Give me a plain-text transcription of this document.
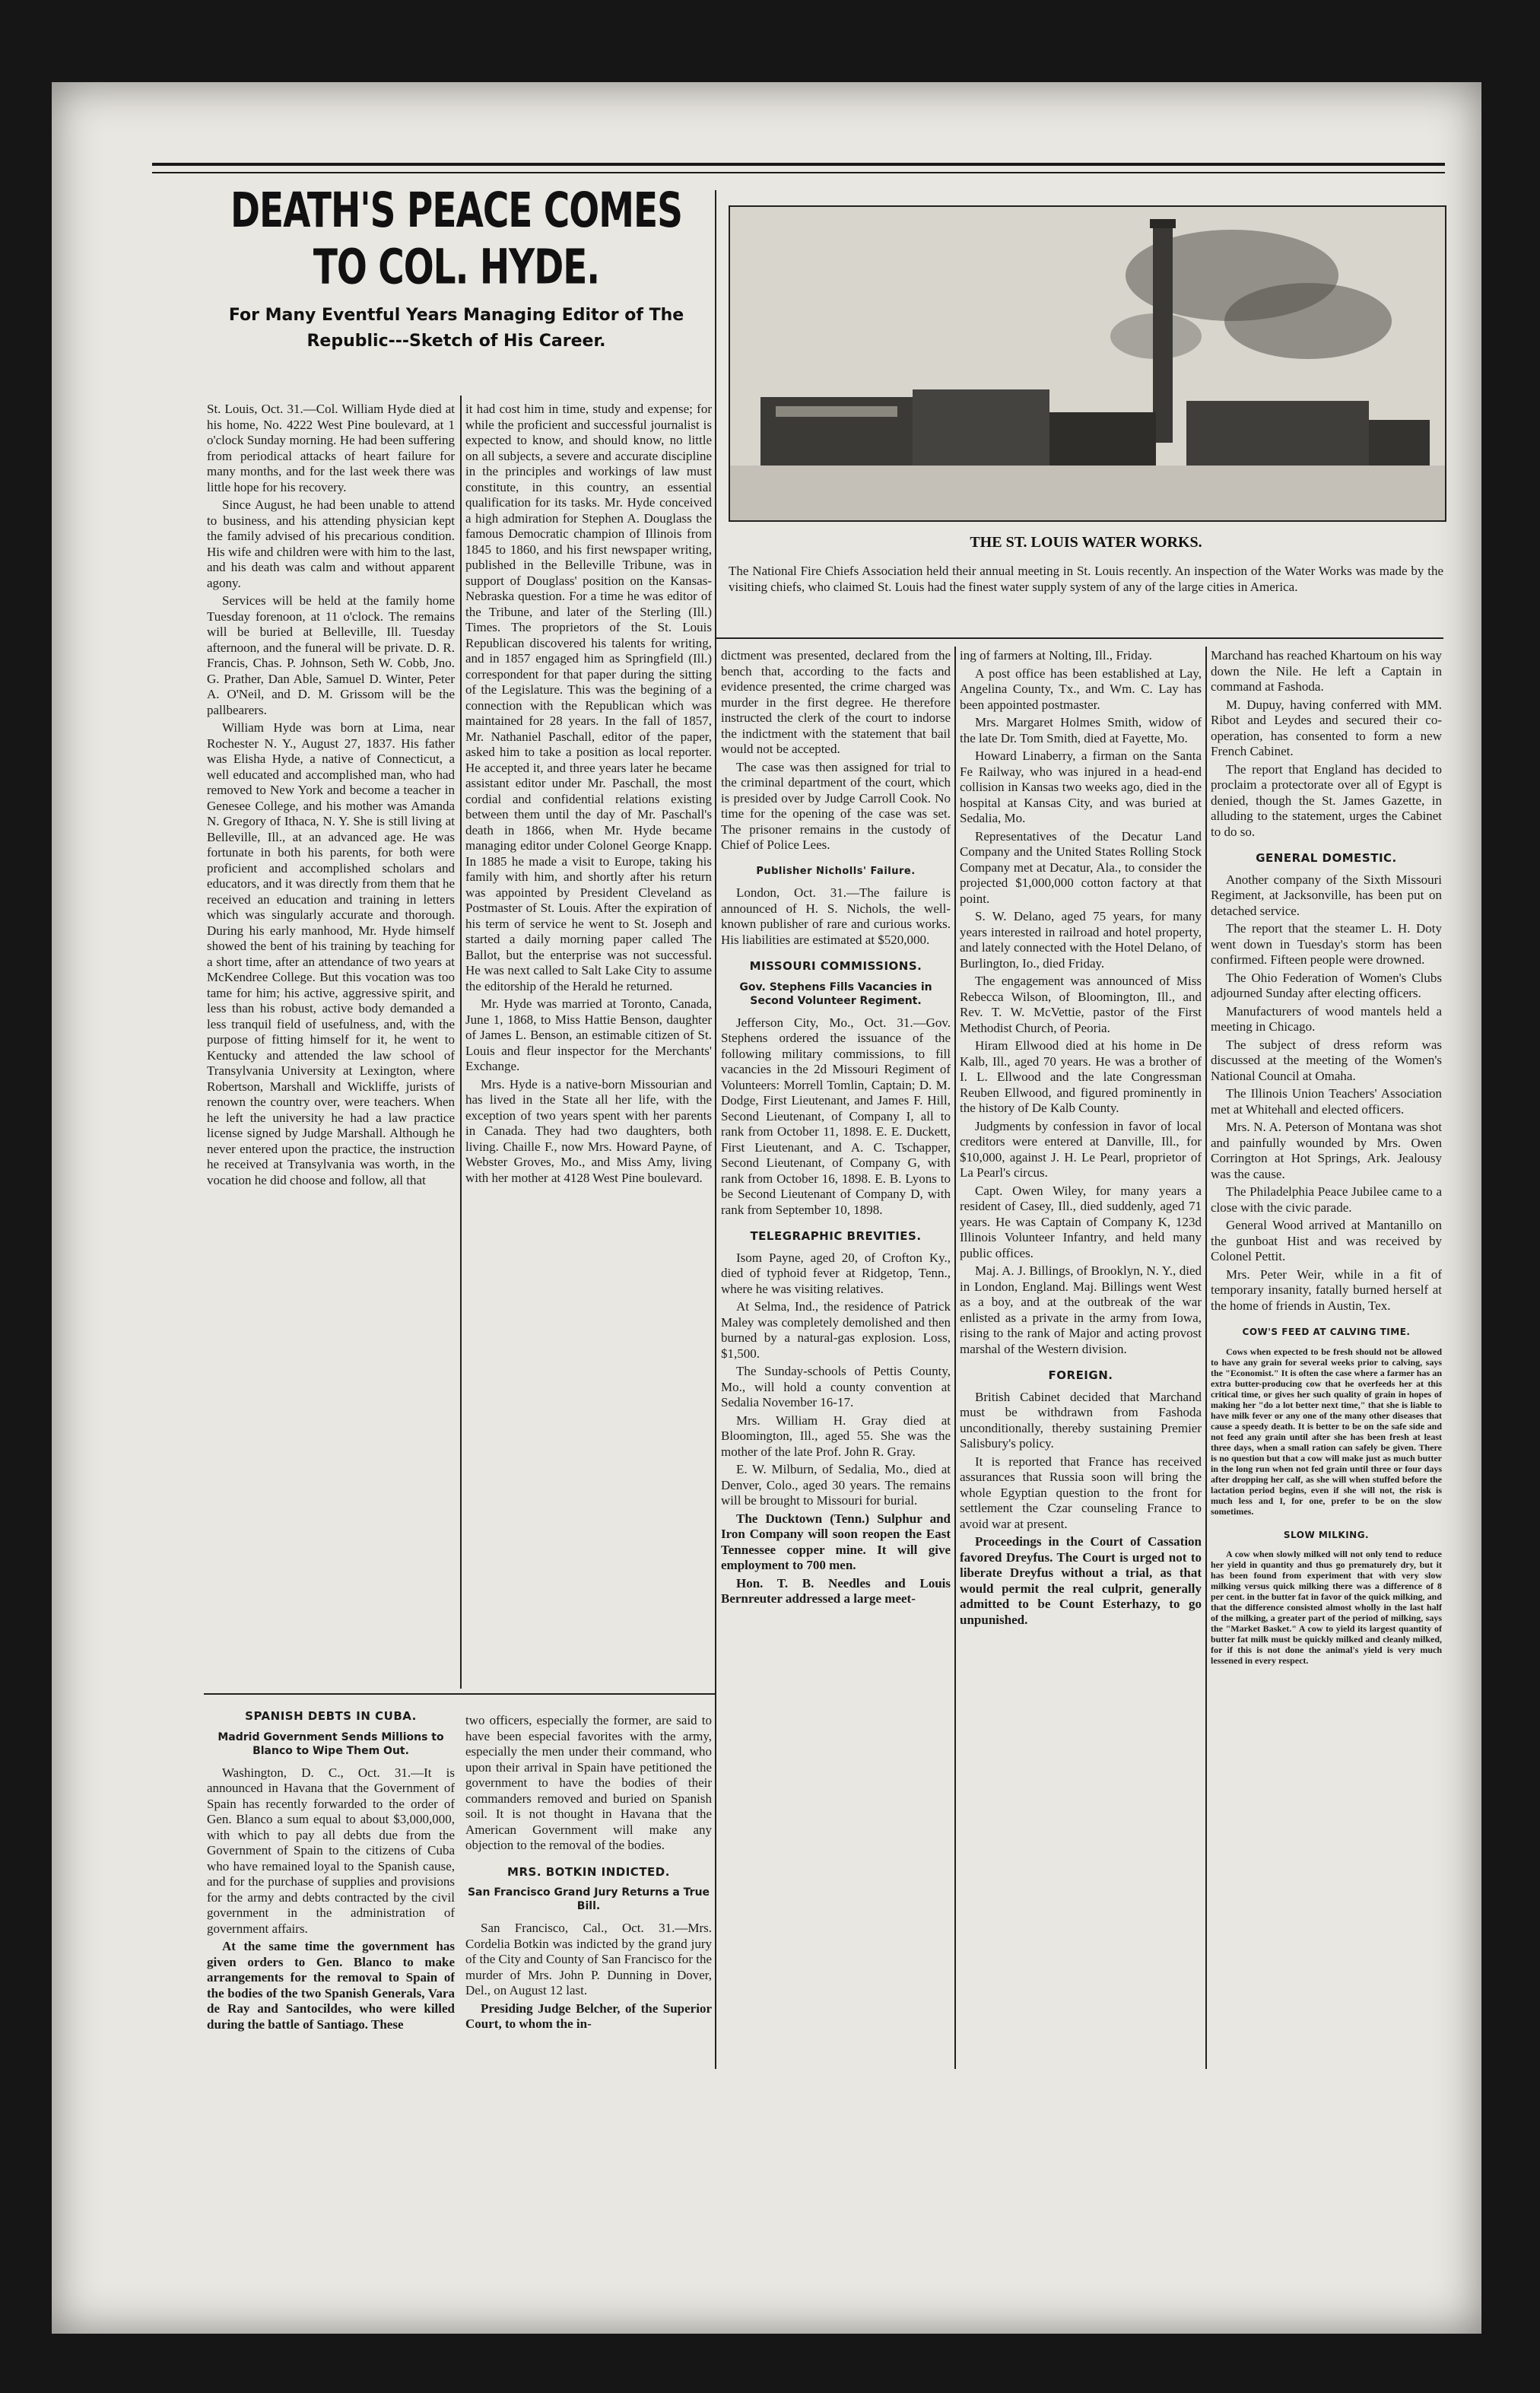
DEATH'S PEACE COMES TO COL. HYDE.
For Many Eventful Years Managing Editor of The Republic---Sketch of His Career.

St. Louis, Oct. 31.—Col. William Hyde died at his home, No. 4222 West Pine boulevard, at 1 o'clock Sunday morning. He had been suffering from periodical attacks of heart failure for many months, and for the last week there was little hope for his recovery.

Since August, he had been unable to attend to business, and his attending physician kept the family advised of his precarious condition. His wife and children were with him to the last, and his death was calm and without apparent agony.

Services will be held at the family home Tuesday forenoon, at 11 o'clock. The remains will be buried at Belleville, Ill. Tuesday afternoon, and the funeral will be private. D. R. Francis, Chas. P. Johnson, Seth W. Cobb, Jno. G. Prather, Dan Able, Samuel D. Winter, Peter A. O'Neil, and D. M. Grissom will be the pallbearers.

William Hyde was born at Lima, near Rochester N. Y., August 27, 1837. His father was Elisha Hyde, a native of Connecticut, a well educated and accomplished man, who had removed to New York and become a teacher in Genesee College, and his mother was Amanda N. Gregory of Ithaca, N. Y. She is still living at Belleville, Ill., at an advanced age. He was fortunate in both his parents, for both were proficient and accomplished scholars and educators, and it was directly from them that he received an education and training in letters which was singularly accurate and thorough. During his early manhood, Mr. Hyde himself showed the bent of his training by teaching for a short time, after an attendance of two years at McKendree College. But this vocation was too tame for him; his active, aggressive spirit, and less than his robust, active body demanded a less tranquil field of usefulness, and, with the purpose of fitting himself for it, he went to Kentucky and attended the law school of Transylvania University at Lexington, where Robertson, Marshall and Wickliffe, jurists of renown the country over, were teachers. When he left the university he had a law practice license signed by Judge Marshall. Although he never entered upon the practice, the instruction he received at Transylvania was worth, in the vocation he did choose and follow, all that

it had cost him in time, study and expense; for while the proficient and successful journalist is expected to know, and should know, no little on all subjects, a severe and accurate discipline in the principles and workings of law must constitute, in this country, an essential qualification for its tasks. Mr. Hyde conceived a high admiration for Stephen A. Douglass the famous Democratic champion of Illinois from 1845 to 1860, and his first newspaper writing, published in the Belleville Tribune, was in support of Douglass' position on the Kansas-Nebraska question. For a time he was editor of the Tribune, and later of the Sterling (Ill.) Times. The proprietors of the St. Louis Republican discovered his talents for writing, and in 1857 engaged him as Springfield (Ill.) correspondent for that paper during the sitting of the Legislature. This was the begining of a connection with the Republican which was maintained for 28 years. In the fall of 1857, Mr. Nathaniel Paschall, editor of the paper, asked him to take a position as local reporter. He accepted it, and three years later he became assistant editor under Mr. Paschall, the most cordial and confidential relations existing between them until the day of Mr. Paschall's death in 1866, when Mr. Hyde became managing editor under Colonel George Knapp. In 1885 he made a visit to Europe, taking his family with him, and shortly after his return was appointed by President Cleveland as Postmaster of St. Louis. After the expiration of his term of service he went to St. Joseph and started a daily morning paper called The Ballot, but the enterprise was not successful. He was next called to Salt Lake City to assume the editorship of the Herald he returned.

Mr. Hyde was married at Toronto, Canada, June 1, 1868, to Miss Hattie Benson, daughter of James L. Benson, an estimable citizen of St. Louis and fleur inspector for the Merchants' Exchange.

Mrs. Hyde is a native-born Missourian and has lived in the State all her life, with the exception of two years spent with her parents in Canada. They had two daughters, both living. Chaille F., now Mrs. Howard Payne, of Webster Groves, Mo., and Miss Amy, living with her mother at 4128 West Pine boulevard.

THE ST. LOUIS WATER WORKS.
The National Fire Chiefs Association held their annual meeting in St. Louis recently. An inspection of the Water Works was made by the visiting chiefs, who claimed St. Louis had the finest water supply system of any of the large cities in America.
SPANISH DEBTS IN CUBA.
Madrid Government Sends Millions to Blanco to Wipe Them Out.

Washington, D. C., Oct. 31.—It is announced in Havana that the Government of Spain has recently forwarded to the order of Gen. Blanco a sum equal to about $3,000,000, with which to pay all debts due from the Government of Spain to the citizens of Cuba who have remained loyal to the Spanish cause, and for the purchase of supplies and provisions for the army and debts contracted by the civil government in the administration of government affairs.

At the same time the government has given orders to Gen. Blanco to make arrangements for the removal to Spain of the bodies of the two Spanish Generals, Vara de Ray and Santocildes, who were killed during the battle of Santiago. These

two officers, especially the former, are said to have been especial favorites with the army, especially the men under their command, who upon their arrival in Spain have petitioned the government to have the bodies of their commanders removed and buried on Spanish soil. It is not thought in Havana that the American Government will make any objection to the removal of the bodies.

MRS. BOTKIN INDICTED.
San Francisco Grand Jury Returns a True Bill.

San Francisco, Cal., Oct. 31.—Mrs. Cordelia Botkin was indicted by the grand jury of the City and County of San Francisco for the murder of Mrs. John P. Dunning in Dover, Del., on August 12 last.

Presiding Judge Belcher, of the Superior Court, to whom the in-

dictment was presented, declared from the bench that, according to the facts and evidence presented, the crime charged was murder in the first degree. He therefore instructed the clerk of the court to indorse the indictment with the statement that bail would not be accepted.

The case was then assigned for trial to the criminal department of the court, which is presided over by Judge Carroll Cook. No time for the opening of the case was set. The prisoner remains in the custody of Chief of Police Lees.

Publisher Nicholls' Failure.

London, Oct. 31.—The failure is announced of H. S. Nichols, the well-known publisher of rare and curious works. His liabilities are estimated at $520,000.

MISSOURI COMMISSIONS.
Gov. Stephens Fills Vacancies in Second Volunteer Regiment.

Jefferson City, Mo., Oct. 31.—Gov. Stephens ordered the issuance of the following military commissions, to fill vacancies in the 2d Missouri Regiment of Volunteers: Morrell Tomlin, Captain; D. M. Dodge, First Lieutenant, and James F. Hill, Second Lieutenant, of Company I, all to rank from October 11, 1898. E. E. Duckett, First Lieutenant, and A. C. Tschapper, Second Lieutenant, of Company G, with rank from October 16, 1898. E. B. Lyons to be Second Lieutenant of Company D, with rank from September 10, 1898.

TELEGRAPHIC BREVITIES.

Isom Payne, aged 20, of Crofton Ky., died of typhoid fever at Ridgetop, Tenn., where he was visiting relatives.

At Selma, Ind., the residence of Patrick Maley was completely demolished and then burned by a natural-gas explosion. Loss, $1,500.

The Sunday-schools of Pettis County, Mo., will hold a county convention at Sedalia November 16-17.

Mrs. William H. Gray died at Bloomington, Ill., aged 55. She was the mother of the late Prof. John R. Gray.

E. W. Milburn, of Sedalia, Mo., died at Denver, Colo., aged 30 years. The remains will be brought to Missouri for burial.

The Ducktown (Tenn.) Sulphur and Iron Company will soon reopen the East Tennessee copper mine. It will give employment to 700 men.

Hon. T. B. Needles and Louis Bernreuter addressed a large meet-

ing of farmers at Nolting, Ill., Friday.

A post office has been established at Lay, Angelina County, Tx., and Wm. C. Lay has been appointed postmaster.

Mrs. Margaret Holmes Smith, widow of the late Dr. Tom Smith, died at Fayette, Mo.

Howard Linaberry, a firman on the Santa Fe Railway, who was injured in a head-end collision in Kansas two weeks ago, died in the hospital at Kansas City, and was buried at Sedalia, Mo.

Representatives of the Decatur Land Company and the United States Rolling Stock Company met at Decatur, Ala., to consider the projected $1,000,000 cotton factory at that point.

S. W. Delano, aged 75 years, for many years interested in railroad and hotel property, and lately connected with the Hotel Delano, of Burlington, Io., died Friday.

The engagement was announced of Miss Rebecca Wilson, of Bloomington, Ill., and Rev. T. W. McVettie, pastor of the First Methodist Church, of Peoria.

Hiram Ellwood died at his home in De Kalb, Ill., aged 70 years. He was a brother of I. L. Ellwood and the late Congressman Reuben Ellwood, and figured prominently in the history of De Kalb County.

Judgments by confession in favor of local creditors were entered at Danville, Ill., for $10,000, against J. H. Le Pearl, proprietor of La Pearl's circus.

Capt. Owen Wiley, for many years a resident of Casey, Ill., died suddenly, aged 71 years. He was Captain of Company K, 123d Illinois Volunteer Infantry, and held many public offices.

Maj. A. J. Billings, of Brooklyn, N. Y., died in London, England. Maj. Billings went West as a boy, and at the outbreak of the war enlisted as a private in the army from Iowa, rising to the rank of Major and acting provost marshal of the Western division.

FOREIGN.

British Cabinet decided that Marchand must be withdrawn from Fashoda unconditionally, thereby sustaining Premier Salisbury's policy.

It is reported that France has received assurances that Russia soon will bring the whole Egyptian question to the front for settlement the Czar counseling France to avoid war at present.

Proceedings in the Court of Cassation favored Dreyfus. The Court is urged not to liberate Dreyfus without a trial, as that would permit the real culprit, generally admitted to be Count Esterhazy, to go unpunished.

Marchand has reached Khartoum on his way down the Nile. He left a Captain in command at Fashoda.

M. Dupuy, having conferred with MM. Ribot and Leydes and secured their co-operation, has consented to form a new French Cabinet.

The report that England has decided to proclaim a protectorate over all of Egypt is denied, though the St. James Gazette, in alluding to the statement, urges the Cabinet to do so.

GENERAL DOMESTIC.

Another company of the Sixth Missouri Regiment, at Jacksonville, has been put on detached service.

The report that the steamer L. H. Doty went down in Tuesday's storm has been confirmed. Fifteen people were drowned.

The Ohio Federation of Women's Clubs adjourned Sunday after electing officers.

Manufacturers of wood mantels held a meeting in Chicago.

The subject of dress reform was discussed at the meeting of the Women's National Council at Omaha.

The Illinois Union Teachers' Association met at Whitehall and elected officers.

Mrs. N. A. Peterson of Montana was shot and painfully wounded by Mrs. Owen Corrington at Hot Springs, Ark. Jealousy was the cause.

The Philadelphia Peace Jubilee came to a close with the civic parade.

General Wood arrived at Mantanillo on the gunboat Hist and was received by Colonel Pettit.

Mrs. Peter Weir, while in a fit of temporary insanity, fatally burned herself at the home of friends in Austin, Tex.

COW'S FEED AT CALVING TIME.

Cows when expected to be fresh should not be allowed to have any grain for several weeks prior to calving, says the "Economist." It is often the case where a farmer has an extra butter-producing cow that he overfeeds her at this critical time, or gives her such quality of grain in hopes of making her "do a lot better next time," that she is liable to have milk fever or any one of the many other diseases that cause a speedy death. It is better to be on the safe side and not feed any grain until after she has been fresh at least three days, when a small ration can safely be given. There is no question but that a cow will make just as much butter in the long run when not fed grain until three or four days after dropping her calf, as she will when stuffed before the lactation period begins, even if she will not, the risk is much less and I, for one, prefer to be on the slow sometimes.

SLOW MILKING.

A cow when slowly milked will not only tend to reduce her yield in quantity and thus go prematurely dry, but it has been found from experiment that with very slow milking versus quick milking there was a difference of 8 per cent. in the butter fat in favor of the quick milking, and that the difference consisted almost wholly in the last half of the milking, a greater part of the period of milking, says the "Market Basket." A cow to yield its largest quantity of butter fat milk must be quickly milked and cleanly milked, for if this is not done the animal's yield is very much lessened in every respect.
